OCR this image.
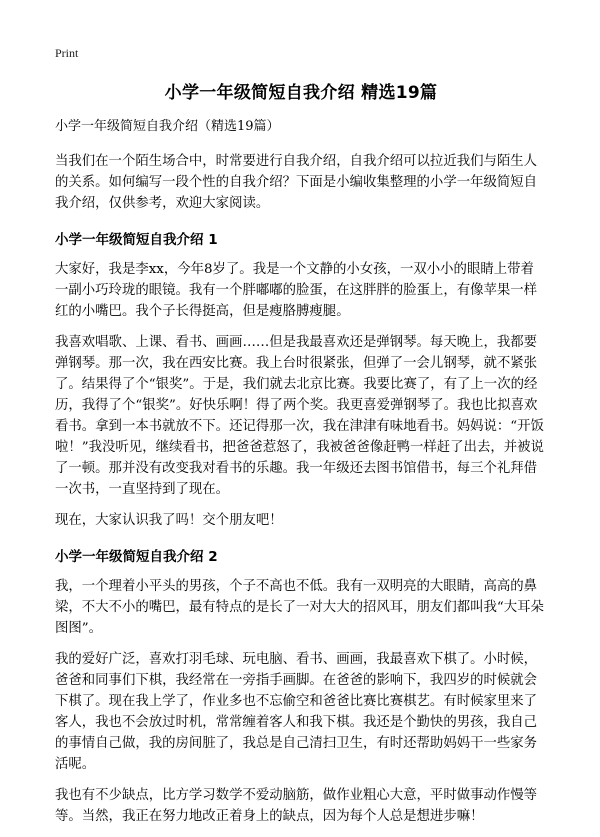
Print
小学一年级简短自我介绍 精选19篇
小学一年级简短自我介绍（精选19篇）

当我们在一个陌生场合中，时常要进行自我介绍，自我介绍可以拉近我们与陌生人的关系。如何编写一段个性的自我介绍？下面是小编收集整理的小学一年级简短自我介绍，仅供参考，欢迎大家阅读。

小学一年级简短自我介绍 1

大家好，我是李xx，今年8岁了。我是一个文静的小女孩，一双小小的眼睛上带着一副小巧玲珑的眼镜。我有一个胖嘟嘟的脸蛋，在这胖胖的脸蛋上，有像苹果一样红的小嘴巴。我个子长得挺高，但是瘦胳膊瘦腿。

我喜欢唱歌、上课、看书、画画……但是我最喜欢还是弹钢琴。每天晚上，我都要弹钢琴。那一次，我在西安比赛。我上台时很紧张，但弹了一会儿钢琴，就不紧张了。结果得了个“银奖”。于是，我们就去北京比赛。我要比赛了，有了上一次的经历，我得了个“银奖”。好快乐啊！得了两个奖。我更喜爱弹钢琴了。我也比拟喜欢看书。拿到一本书就放不下。还记得那一次，我在津津有味地看书。妈妈说：“开饭啦！”我没听见，继续看书，把爸爸惹怒了，我被爸爸像赶鸭一样赶了出去，并被说了一顿。那并没有改变我对看书的乐趣。我一年级还去图书馆借书，每三个礼拜借一次书，一直坚持到了现在。

现在，大家认识我了吗！交个朋友吧！

小学一年级简短自我介绍 2

我，一个理着小平头的男孩，个子不高也不低。我有一双明亮的大眼睛，高高的鼻梁，不大不小的嘴巴，最有特点的是长了一对大大的招风耳，朋友们都叫我“大耳朵图图”。

我的爱好广泛，喜欢打羽毛球、玩电脑、看书、画画，我最喜欢下棋了。小时候，爸爸和同事们下棋，我经常在一旁指手画脚。在爸爸的影响下，我四岁的时候就会下棋了。现在我上学了，作业多也不忘偷空和爸爸比赛比赛棋艺。有时候家里来了客人，我也不会放过时机，常常缠着客人和我下棋。我还是个勤快的男孩，我自己的事情自己做，我的房间脏了，我总是自己清扫卫生，有时还帮助妈妈干一些家务活呢。

我也有不少缺点，比方学习数学不爱动脑筋，做作业粗心大意，平时做事动作慢等等。当然，我正在努力地改正着身上的缺点，因为每个人总是想进步嘛！
